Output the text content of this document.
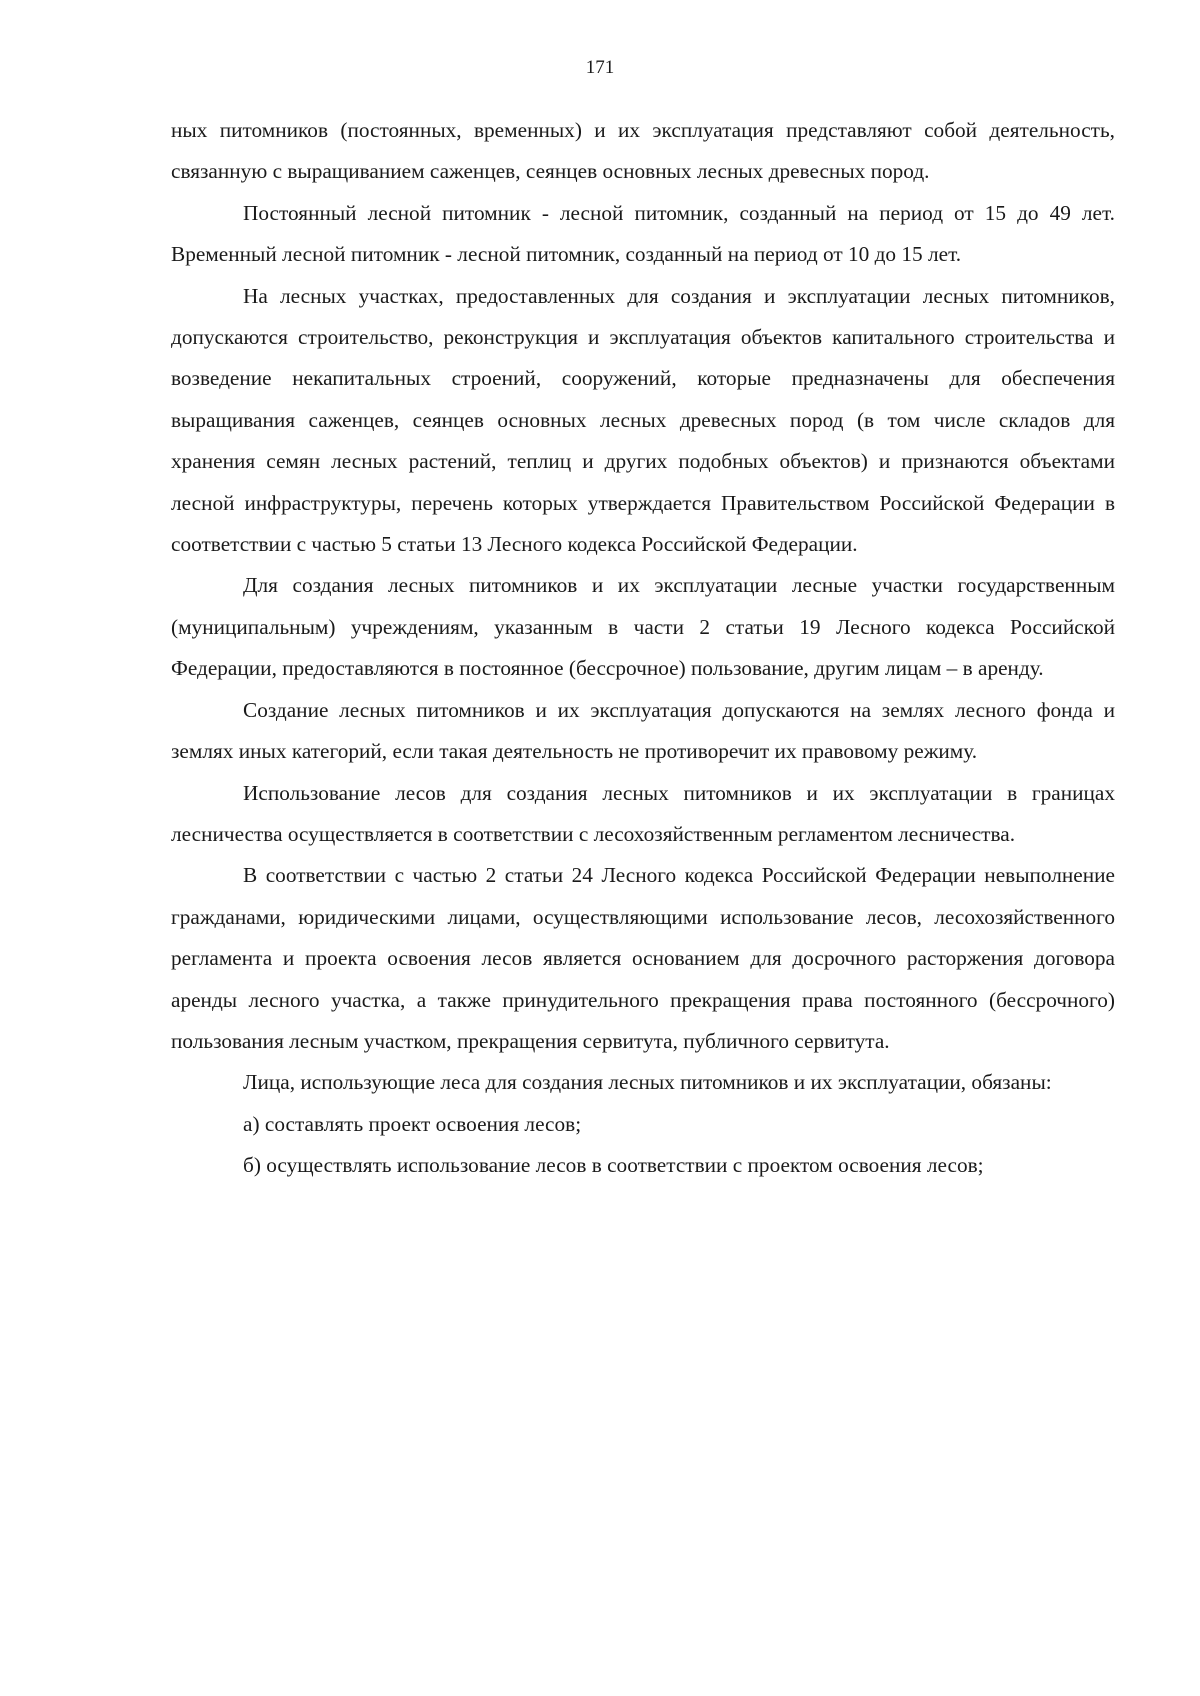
171

ных питомников (постоянных, временных) и их эксплуатация представляют собой деятельность, связанную с выращиванием саженцев, сеянцев основных лесных древесных пород.

Постоянный лесной питомник - лесной питомник, созданный на период от 15 до 49 лет. Временный лесной питомник - лесной питомник, созданный на период от 10 до 15 лет.

На лесных участках, предоставленных для создания и эксплуатации лесных питомников, допускаются строительство, реконструкция и эксплуатация объектов капитального строительства и возведение некапитальных строений, сооружений, которые предназначены для обеспечения выращивания саженцев, сеянцев основных лесных древесных пород (в том числе складов для хранения семян лесных растений, теплиц и других подобных объектов) и признаются объектами лесной инфраструктуры, перечень которых утверждается Правительством Российской Федерации в соответствии с частью 5 статьи 13 Лесного кодекса Российской Федерации.

Для создания лесных питомников и их эксплуатации лесные участки государственным (муниципальным) учреждениям, указанным в части 2 статьи 19 Лесного кодекса Российской Федерации, предоставляются в постоянное (бессрочное) пользование, другим лицам – в аренду.

Создание лесных питомников и их эксплуатация допускаются на землях лесного фонда и землях иных категорий, если такая деятельность не противоречит их правовому режиму.

Использование лесов для создания лесных питомников и их эксплуатации в границах лесничества осуществляется в соответствии с лесохозяйственным регламентом лесничества.

В соответствии с частью 2 статьи 24 Лесного кодекса Российской Федерации невыполнение гражданами, юридическими лицами, осуществляющими использование лесов, лесохозяйственного регламента и проекта освоения лесов является основанием для досрочного расторжения договора аренды лесного участка, а также принудительного прекращения права постоянного (бессрочного) пользования лесным участком, прекращения сервитута, публичного сервитута.

Лица, использующие леса для создания лесных питомников и их эксплуатации, обязаны:

а) составлять проект освоения лесов;

б) осуществлять использование лесов в соответствии с проектом освоения лесов;
